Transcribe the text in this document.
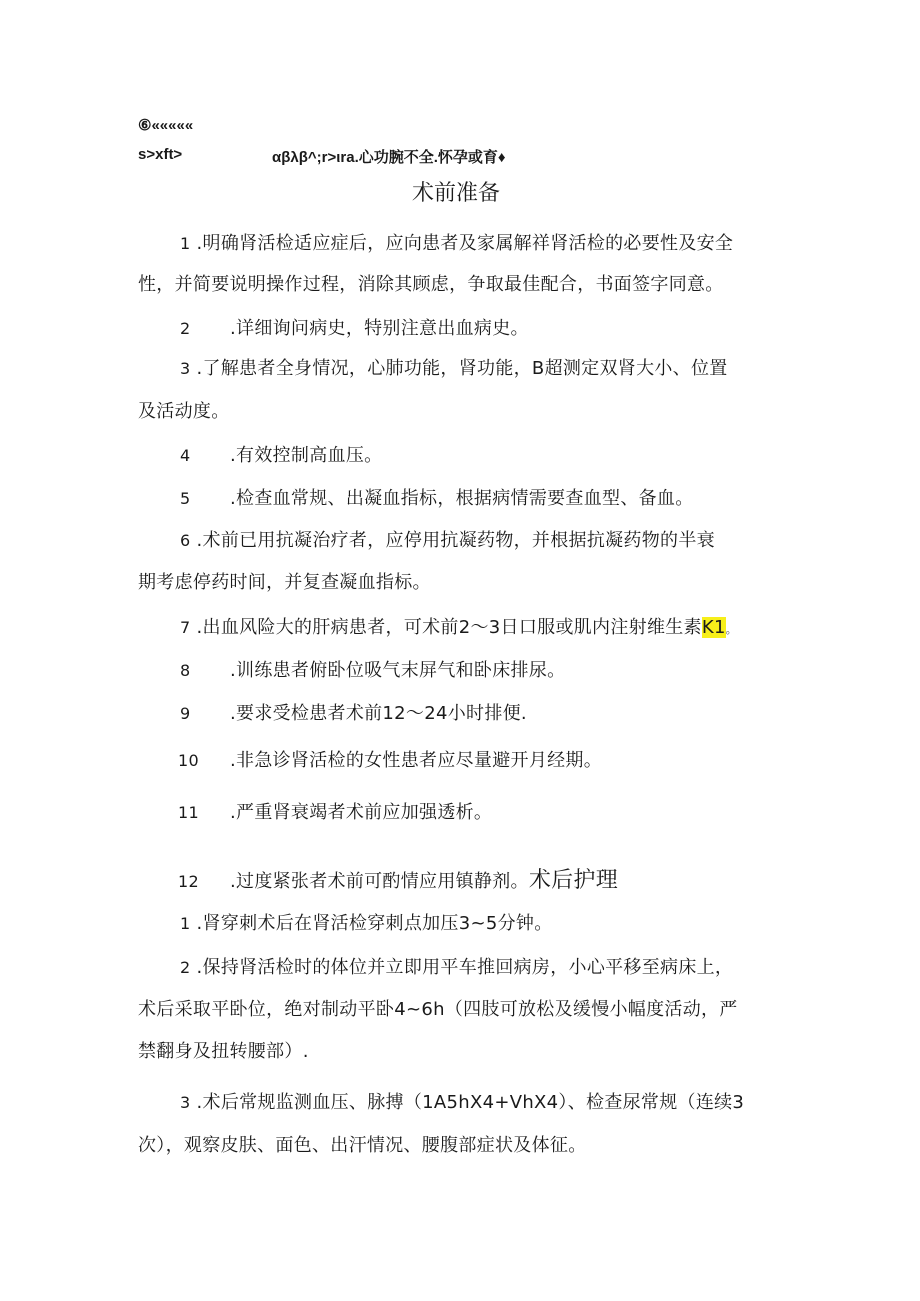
⑥«««««
s>xft>	αβλβ^;r>ιra.心功腕不全.怀孕或育♦
术前准备
1 .明确肾活检适应症后，应向患者及家属解祥肾活检的必要性及安全
性，并简要说明操作过程，消除其顾虑，争取最佳配合，书面签字同意。
2 .详细询问病史，特别注意出血病史。
3 .了解患者全身情况，心肺功能，肾功能，B超测定双肾大小、位置
及活动度。
4 .有效控制高血压。
5 .检查血常规、出凝血指标，根据病情需要查血型、备血。
6 .术前已用抗凝治疗者，应停用抗凝药物，并根据抗凝药物的半衰
期考虑停药时间，并复查凝血指标。
7 .出血风险大的肝病患者，可术前2～3日口服或肌内注射维生素K1。
8 .训练患者俯卧位吸气末屏气和卧床排尿。
9 .要求受检患者术前12～24小时排便.
10 .非急诊肾活检的女性患者应尽量避开月经期。
11 .严重肾衰竭者术前应加强透析。
12 .过度紧张者术前可酌情应用镇静剂。术后护理
1 .肾穿刺术后在肾活检穿刺点加压3~5分钟。
2 .保持肾活检时的体位并立即用平车推回病房，小心平移至病床上，
术后采取平卧位，绝对制动平卧4~6h（四肢可放松及缓慢小幅度活动，严
禁翻身及扭转腰部）.
3 .术后常规监测血压、脉搏（1A5hX4+VhX4）、检查尿常规（连续3
次），观察皮肤、面色、出汗情况、腰腹部症状及体征。
